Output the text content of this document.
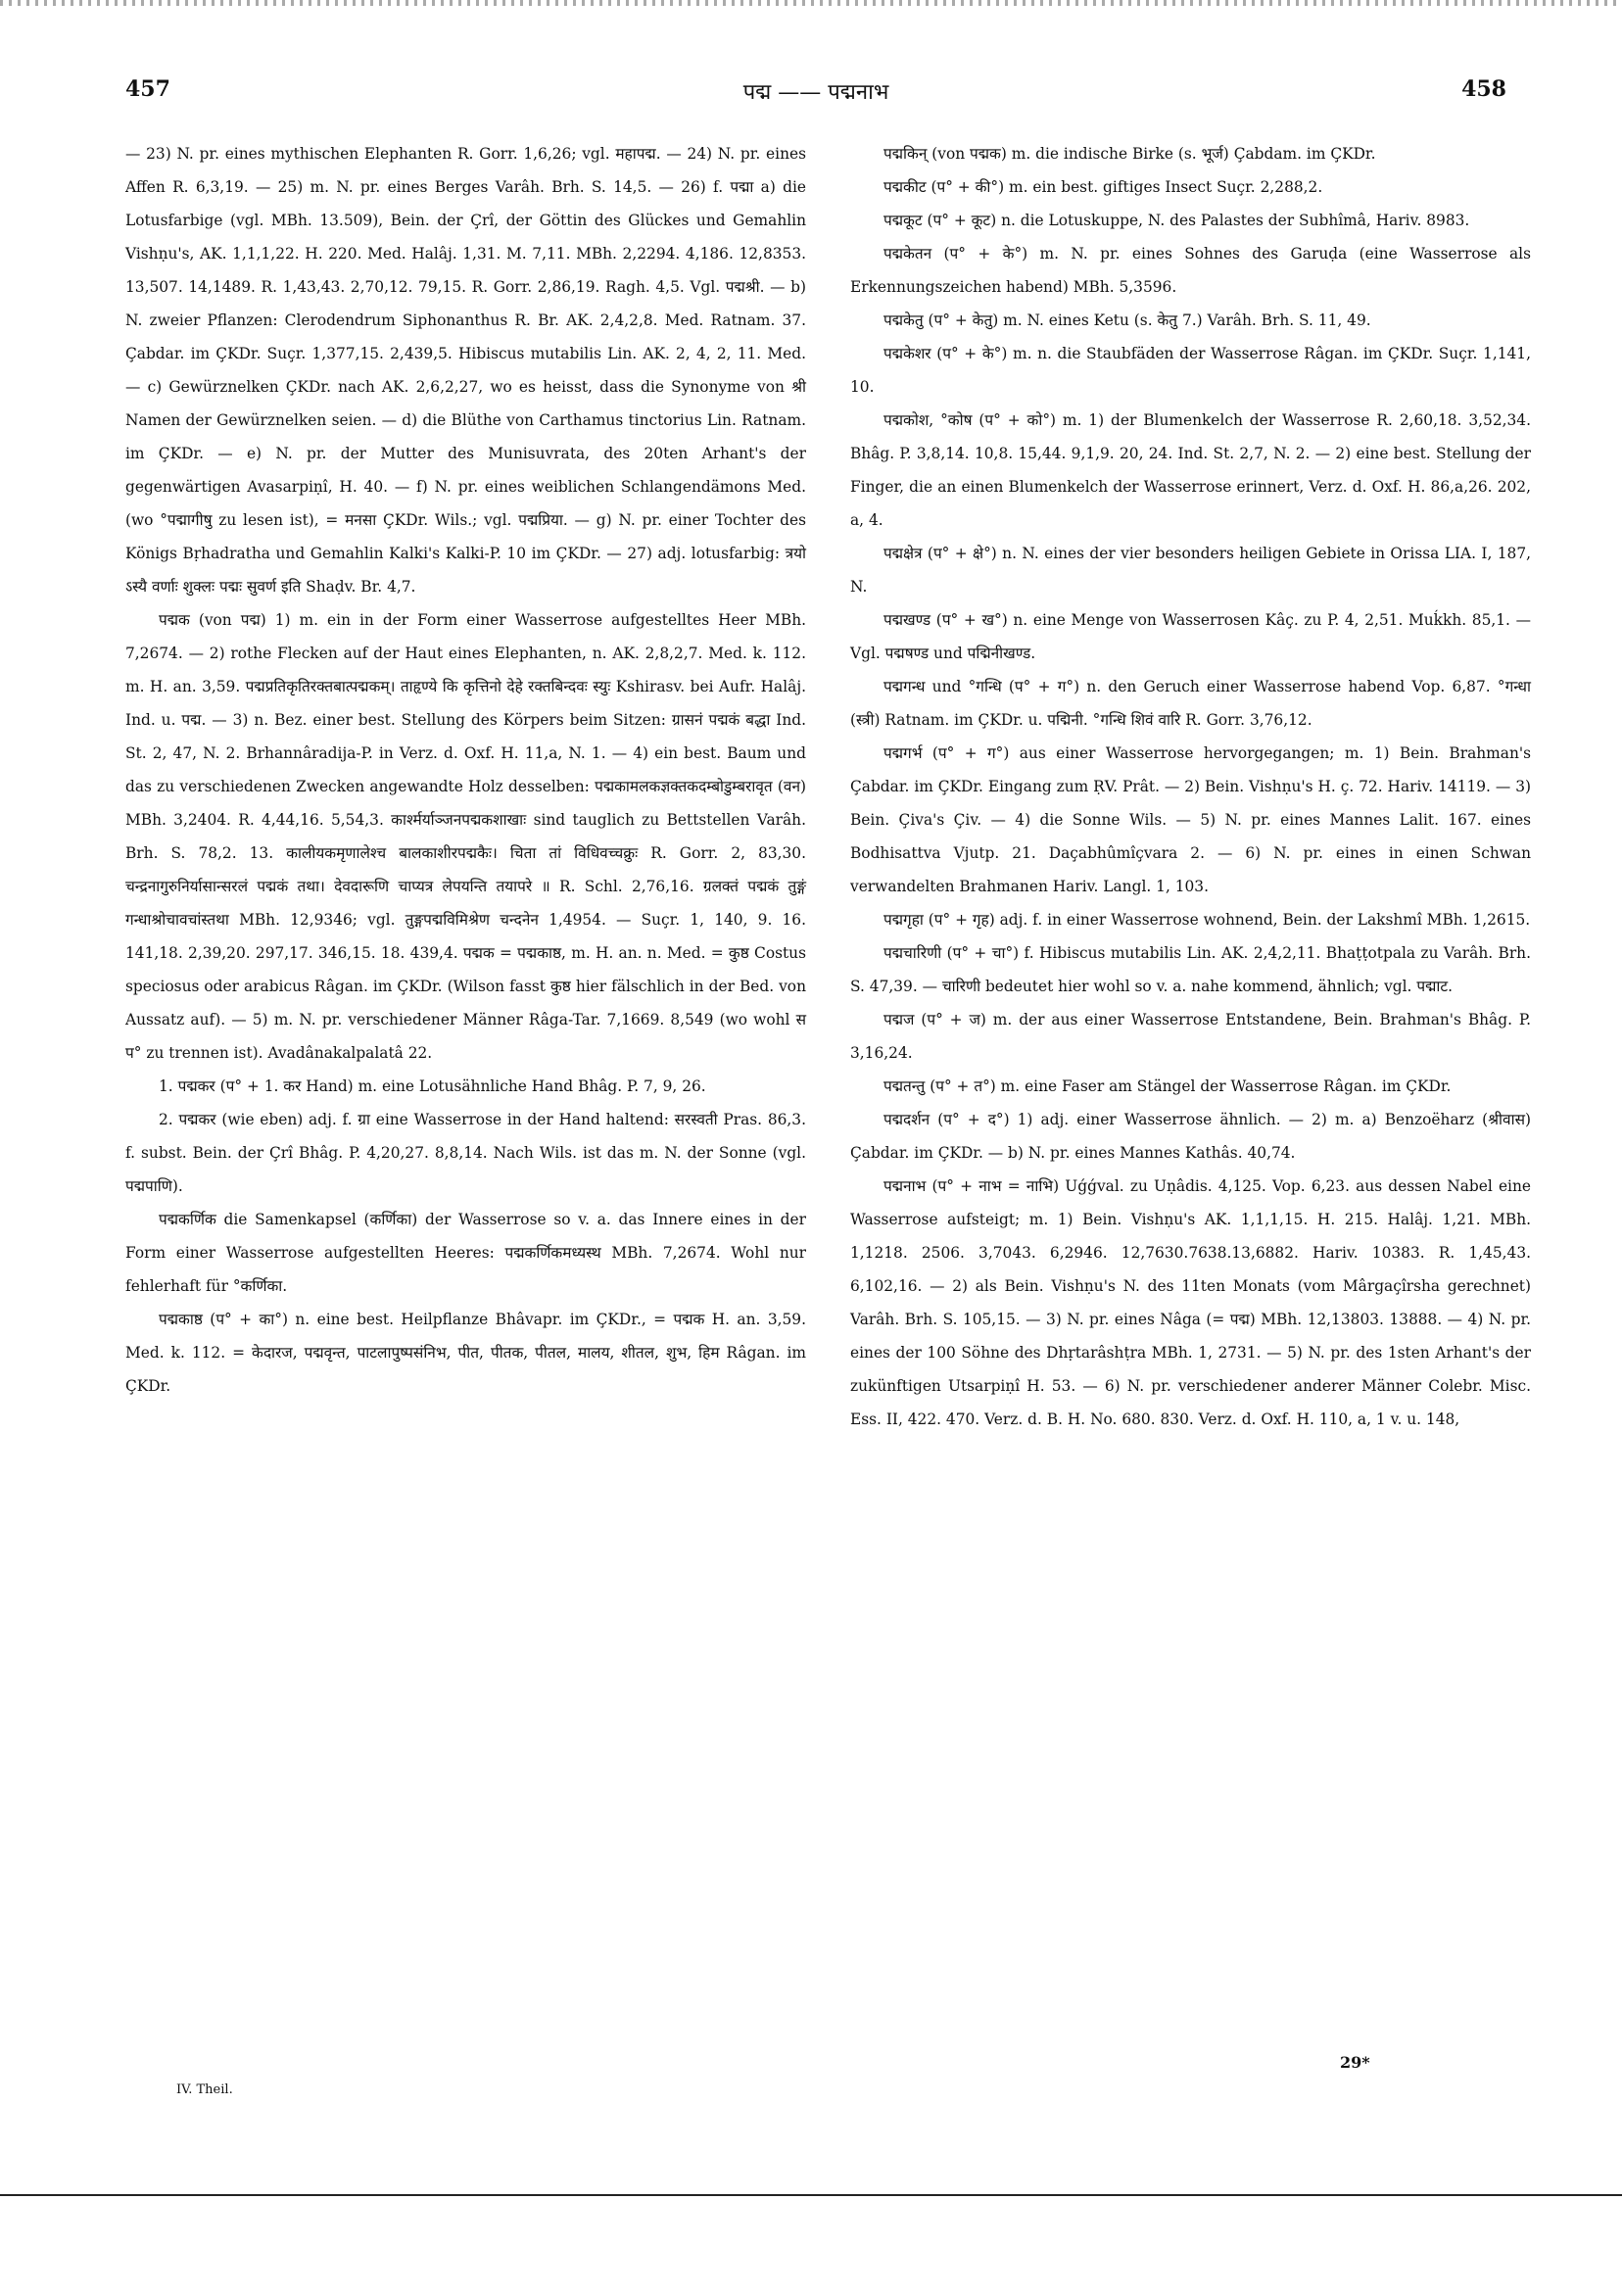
457	पद्म —— पद्मनाभ	458

— 23) N. pr. eines mythischen Elephanten R. Gorr. 1,6,26; vgl. महापद्म. — 24) N. pr. eines Affen R. 6,3,19. — 25) m. N. pr. eines Berges Varâh. Brh. S. 14,5. — 26) f. पद्मा a) die Lotusfarbige (vgl. MBh. 13.509), Bein. der Çrî, der Göttin des Glückes und Gemahlin Vishṇu's, AK. 1,1,1,22. H. 220. Med. Halâj. 1,31. M. 7,11. MBh. 2,2294. 4,186. 12,8353. 13,507. 14,1489. R. 1,43,43. 2,70,12. 79,15. R. Gorr. 2,86,19. Ragh. 4,5. Vgl. पद्मश्री. — b) N. zweier Pflanzen: Clerodendrum Siphonanthus R. Br. AK. 2,4,2,8. Med. Ratnam. 37. Çabdar. im ÇKDr. Suçr. 1,377,15. 2,439,5. Hibiscus mutabilis Lin. AK. 2, 4, 2, 11. Med. — c) Gewürznelken ÇKDr. nach AK. 2,6,2,27, wo es heisst, dass die Synonyme von श्री Namen der Gewürznelken seien. — d) die Blüthe von Carthamus tinctorius Lin. Ratnam. im ÇKDr. — e) N. pr. der Mutter des Munisuvrata, des 20ten Arhant's der gegenwärtigen Avasarpiṇî, H. 40. — f) N. pr. eines weiblichen Schlangendämons Med. (wo °पद्मागीषु zu lesen ist), = मनसा ÇKDr. Wils.; vgl. पद्मप्रिया. — g) N. pr. einer Tochter des Königs Bṛhadratha und Gemahlin Kalki's Kalki-P. 10 im ÇKDr. — 27) adj. lotusfarbig: त्रयो ऽस्यै वर्णाः शुक्लः पद्मः सुवर्ण इति Shaḍv. Br. 4,7.

पद्मक (von पद्म) 1) m. ein in der Form einer Wasserrose aufgestelltes Heer MBh. 7,2674. — 2) rothe Flecken auf der Haut eines Elephanten, n. AK. 2,8,2,7. Med. k. 112. m. H. an. 3,59. पद्मप्रतिकृतिरक्तबात्पद्मकम्। ताहृण्ये कि कृत्तिनो देहे रक्तबिन्दवः स्युः Kshirasv. bei Aufr. Halâj. Ind. u. पद्म. — 3) n. Bez. einer best. Stellung des Körpers beim Sitzen: ग्रासनं पद्मकं बद्धा Ind. St. 2, 47, N. 2. Brhannâradija-P. in Verz. d. Oxf. H. 11,a, N. 1. — 4) ein best. Baum und das zu verschiedenen Zwecken angewandte Holz desselben: पद्मकामलकज्ञक्तकदम्बोडुम्बरावृत (वन) MBh. 3,2404. R. 4,44,16. 5,54,3. कार्श्मर्याञ्जनपद्मकशाखाः sind tauglich zu Bettstellen Varâh. Brh. S. 78,2. 13. कालीयकमृणालेश्च बालकाशीरपद्मकैः। चिता तां विधिवच्चक्रुः R. Gorr. 2, 83,30. चन्द्रनागुरुनिर्यासान्सरलं पद्मकं तथा। देवदारूणि चाप्यत्र लेपयन्ति तयापरे ॥ R. Schl. 2,76,16. ग्रलक्तं पद्मकं तुङ्गं गन्धाश्रोचावचांस्तथा MBh. 12,9346; vgl. तुङ्गपद्मविमिश्रेण चन्दनेन 1,4954. — Suçr. 1, 140, 9. 16. 141,18. 2,39,20. 297,17. 346,15. 18. 439,4. पद्मक = पद्मकाष्ठ, m. H. an. n. Med. = कुष्ठ Costus speciosus oder arabicus Râgan. im ÇKDr. (Wilson fasst कुष्ठ hier fälschlich in der Bed. von Aussatz auf). — 5) m. N. pr. verschiedener Männer Râga-Tar. 7,1669. 8,549 (wo wohl स प° zu trennen ist). Avadânakalpalatâ 22.

1. पद्मकर (प° + 1. कर Hand) m. eine Lotusähnliche Hand Bhâg. P. 7, 9, 26.

2. पद्मकर (wie eben) adj. f. ग्रा eine Wasserrose in der Hand haltend: सरस्वती Pras. 86,3. f. subst. Bein. der Çrî Bhâg. P. 4,20,27. 8,8,14. Nach Wils. ist das m. N. der Sonne (vgl. पद्मपाणि).

पद्मकर्णिक die Samenkapsel (कर्णिका) der Wasserrose so v. a. das Innere eines in der Form einer Wasserrose aufgestellten Heeres: पद्मकर्णिकमध्यस्थ MBh. 7,2674. Wohl nur fehlerhaft für °कर्णिका.

पद्मकाष्ठ (प° + का°) n. eine best. Heilpflanze Bhâvapr. im ÇKDr., = पद्मक H. an. 3,59. Med. k. 112. = केदारज, पद्मवृन्त, पाटलापुष्पसंनिभ, पीत, पीतक, पीतल, मालय, शीतल, शुभ, हिम Râgan. im ÇKDr.

पद्मकिन् (von पद्मक) m. die indische Birke (s. भूर्ज) Çabdam. im ÇKDr.

पद्मकीट (प° + की°) m. ein best. giftiges Insect Suçr. 2,288,2.

पद्मकूट (प° + कूट) n. die Lotuskuppe, N. des Palastes der Subhîmâ, Hariv. 8983.

पद्मकेतन (प° + के°) m. N. pr. eines Sohnes des Garuḍa (eine Wasserrose als Erkennungszeichen habend) MBh. 5,3596.

पद्मकेतु (प° + केतु) m. N. eines Ketu (s. केतु 7.) Varâh. Brh. S. 11, 49.

पद्मकेशर (प° + के°) m. n. die Staubfäden der Wasserrose Râgan. im ÇKDr. Suçr. 1,141, 10.

पद्मकोश, °कोष (प° + को°) m. 1) der Blumenkelch der Wasserrose R. 2,60,18. 3,52,34. Bhâg. P. 3,8,14. 10,8. 15,44. 9,1,9. 20, 24. Ind. St. 2,7, N. 2. — 2) eine best. Stellung der Finger, die an einen Blumenkelch der Wasserrose erinnert, Verz. d. Oxf. H. 86,a,26. 202, a, 4.

पद्मक्षेत्र (प° + क्षे°) n. N. eines der vier besonders heiligen Gebiete in Orissa LIA. I, 187, N.

पद्मखण्ड (प° + ख°) n. eine Menge von Wasserrosen Kâç. zu P. 4, 2,51. Muḱkh. 85,1. — Vgl. पद्मषण्ड und पद्मिनीखण्ड.

पद्मगन्ध und °गन्धि (प° + ग°) n. den Geruch einer Wasserrose habend Vop. 6,87. °गन्धा (स्त्री) Ratnam. im ÇKDr. u. पद्मिनी. °गन्धि शिवं वारि R. Gorr. 3,76,12.

पद्मगर्भ (प° + ग°) aus einer Wasserrose hervorgegangen; m. 1) Bein. Brahman's Çabdar. im ÇKDr. Eingang zum ṚV. Prât. — 2) Bein. Vishṇu's H. ç. 72. Hariv. 14119. — 3) Bein. Çiva's Çiv. — 4) die Sonne Wils. — 5) N. pr. eines Mannes Lalit. 167. eines Bodhisattva Vjutp. 21. Daçabhûmîçvara 2. — 6) N. pr. eines in einen Schwan verwandelten Brahmanen Hariv. Langl. 1, 103.

पद्मगृहा (प° + गृह) adj. f. in einer Wasserrose wohnend, Bein. der Lakshmî MBh. 1,2615.

पद्मचारिणी (प° + चा°) f. Hibiscus mutabilis Lin. AK. 2,4,2,11. Bhaṭṭotpala zu Varâh. Brh. S. 47,39. — चारिणी bedeutet hier wohl so v. a. nahe kommend, ähnlich; vgl. पद्माट.

पद्मज (प° + ज) m. der aus einer Wasserrose Entstandene, Bein. Brahman's Bhâg. P. 3,16,24.

पद्मतन्तु (प° + त°) m. eine Faser am Stängel der Wasserrose Râgan. im ÇKDr.

पद्मदर्शन (प° + द°) 1) adj. einer Wasserrose ähnlich. — 2) m. a) Benzoëharz (श्रीवास) Çabdar. im ÇKDr. — b) N. pr. eines Mannes Kathâs. 40,74.

पद्मनाभ (प° + नाभ = नाभि) Uǵǵval. zu Uṇâdis. 4,125. Vop. 6,23. aus dessen Nabel eine Wasserrose aufsteigt; m. 1) Bein. Vishṇu's AK. 1,1,1,15. H. 215. Halâj. 1,21. MBh. 1,1218. 2506. 3,7043. 6,2946. 12,7630.7638.13,6882. Hariv. 10383. R. 1,45,43. 6,102,16. — 2) als Bein. Vishṇu's N. des 11ten Monats (vom Mârgaçîrsha gerechnet) Varâh. Brh. S. 105,15. — 3) N. pr. eines Nâga (= पद्म) MBh. 12,13803. 13888. — 4) N. pr. eines der 100 Söhne des Dhṛtarâshṭra MBh. 1, 2731. — 5) N. pr. des 1sten Arhant's der zukünftigen Utsarpiṇî H. 53. — 6) N. pr. verschiedener anderer Männer Colebr. Misc. Ess. II, 422. 470. Verz. d. B. H. No. 680. 830. Verz. d. Oxf. H. 110, a, 1 v. u. 148,

IV. Theil.
29*
